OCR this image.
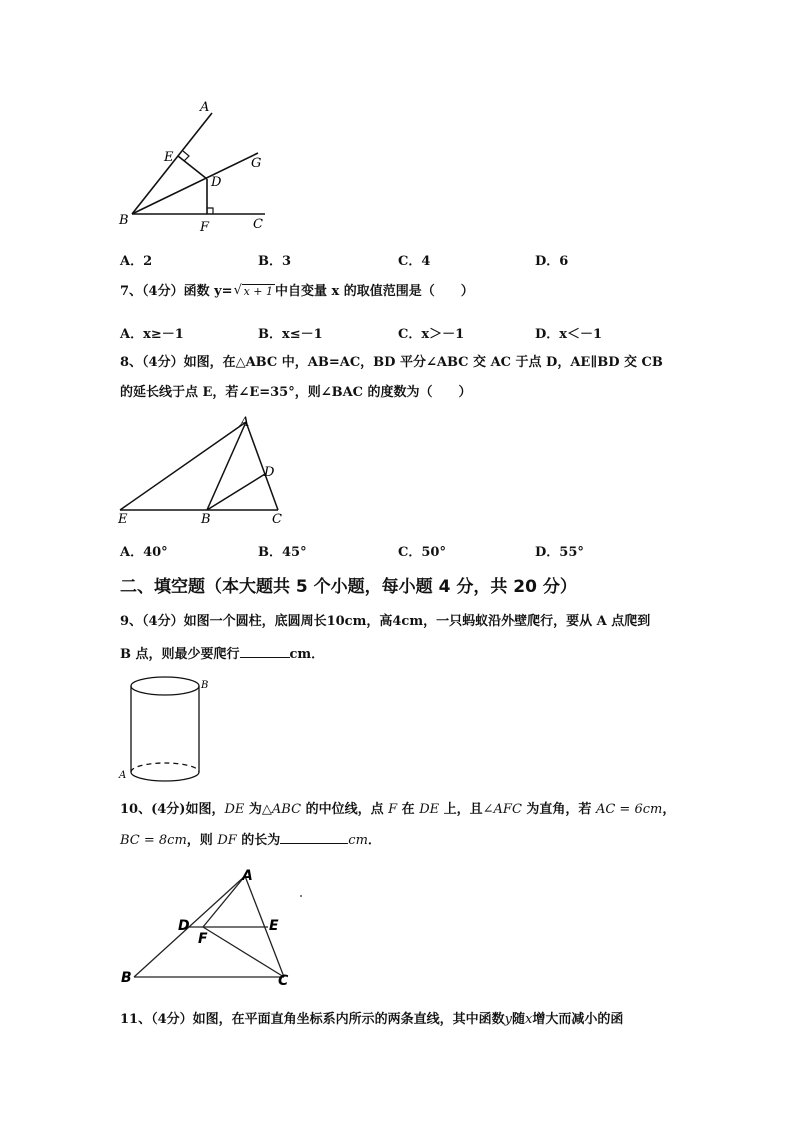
A
E
D
G
B	F	C
A．2	B．3	C．4	D．6
7、（4分）函数 y= √ x + 1 中自变量 x 的取值范围是（　　）
A．x≥－1	B．x≤－1	C．x＞－1	D．x＜－1
8、（4分）如图，在△ABC 中，AB=AC，BD 平分∠ABC 交 AC 于点 D，AE∥BD 交 CB
的延长线于点 E，若∠E=35°，则∠BAC 的度数为（　　）
A
D
E	B	C
A．40°	B．45°	C．50°	D．55°
二、填空题（本大题共 5 个小题，每小题 4 分，共 20 分）
9、（4分）如图一个圆柱，底圆周长10cm，高4cm，一只蚂蚁沿外壁爬行，要从 A 点爬到
B 点，则最少要爬行	cm．
B
A
10、(4分)如图，DE 为△ABC 的中位线，点 F 在 DE 上，且∠AFC 为直角，若 AC = 6cm，
BC = 8cm，则 DF 的长为	cm．
A
D	E
F
B	C
11、（4分）如图，在平面直角坐标系内所示的两条直线，其中函数y随x增大而减小的函
